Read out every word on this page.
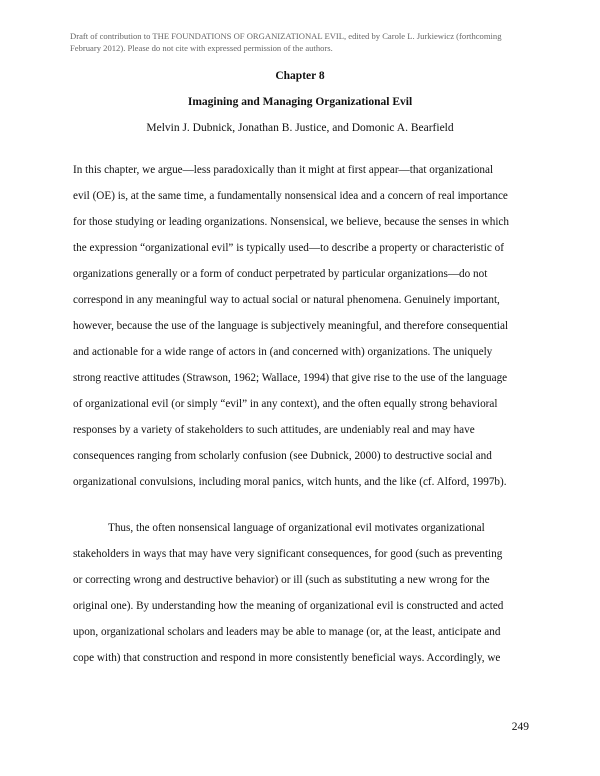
Draft of contribution to THE FOUNDATIONS OF ORGANIZATIONAL EVIL, edited by Carole L. Jurkiewicz (forthcoming
February 2012). Please do not cite with expressed permission of the authors.
Chapter 8
Imagining and Managing Organizational Evil
Melvin J. Dubnick, Jonathan B. Justice, and Domonic A. Bearfield
In this chapter, we argue—less paradoxically than it might at first appear—that organizational
evil (OE) is, at the same time, a fundamentally nonsensical idea and a concern of real importance
for those studying or leading organizations. Nonsensical, we believe, because the senses in which
the expression “organizational evil” is typically used—to describe a property or characteristic of
organizations generally or a form of conduct perpetrated by particular organizations—do not
correspond in any meaningful way to actual social or natural phenomena. Genuinely important,
however, because the use of the language is subjectively meaningful, and therefore consequential
and actionable for a wide range of actors in (and concerned with) organizations. The uniquely
strong reactive attitudes (Strawson, 1962; Wallace, 1994) that give rise to the use of the language
of organizational evil (or simply “evil” in any context), and the often equally strong behavioral
responses by a variety of stakeholders to such attitudes, are undeniably real and may have
consequences ranging from scholarly confusion (see Dubnick, 2000) to destructive social and
organizational convulsions, including moral panics, witch hunts, and the like (cf. Alford, 1997b).
Thus, the often nonsensical language of organizational evil motivates organizational
stakeholders in ways that may have very significant consequences, for good (such as preventing
or correcting wrong and destructive behavior) or ill (such as substituting a new wrong for the
original one). By understanding how the meaning of organizational evil is constructed and acted
upon, organizational scholars and leaders may be able to manage (or, at the least, anticipate and
cope with) that construction and respond in more consistently beneficial ways. Accordingly, we
249
